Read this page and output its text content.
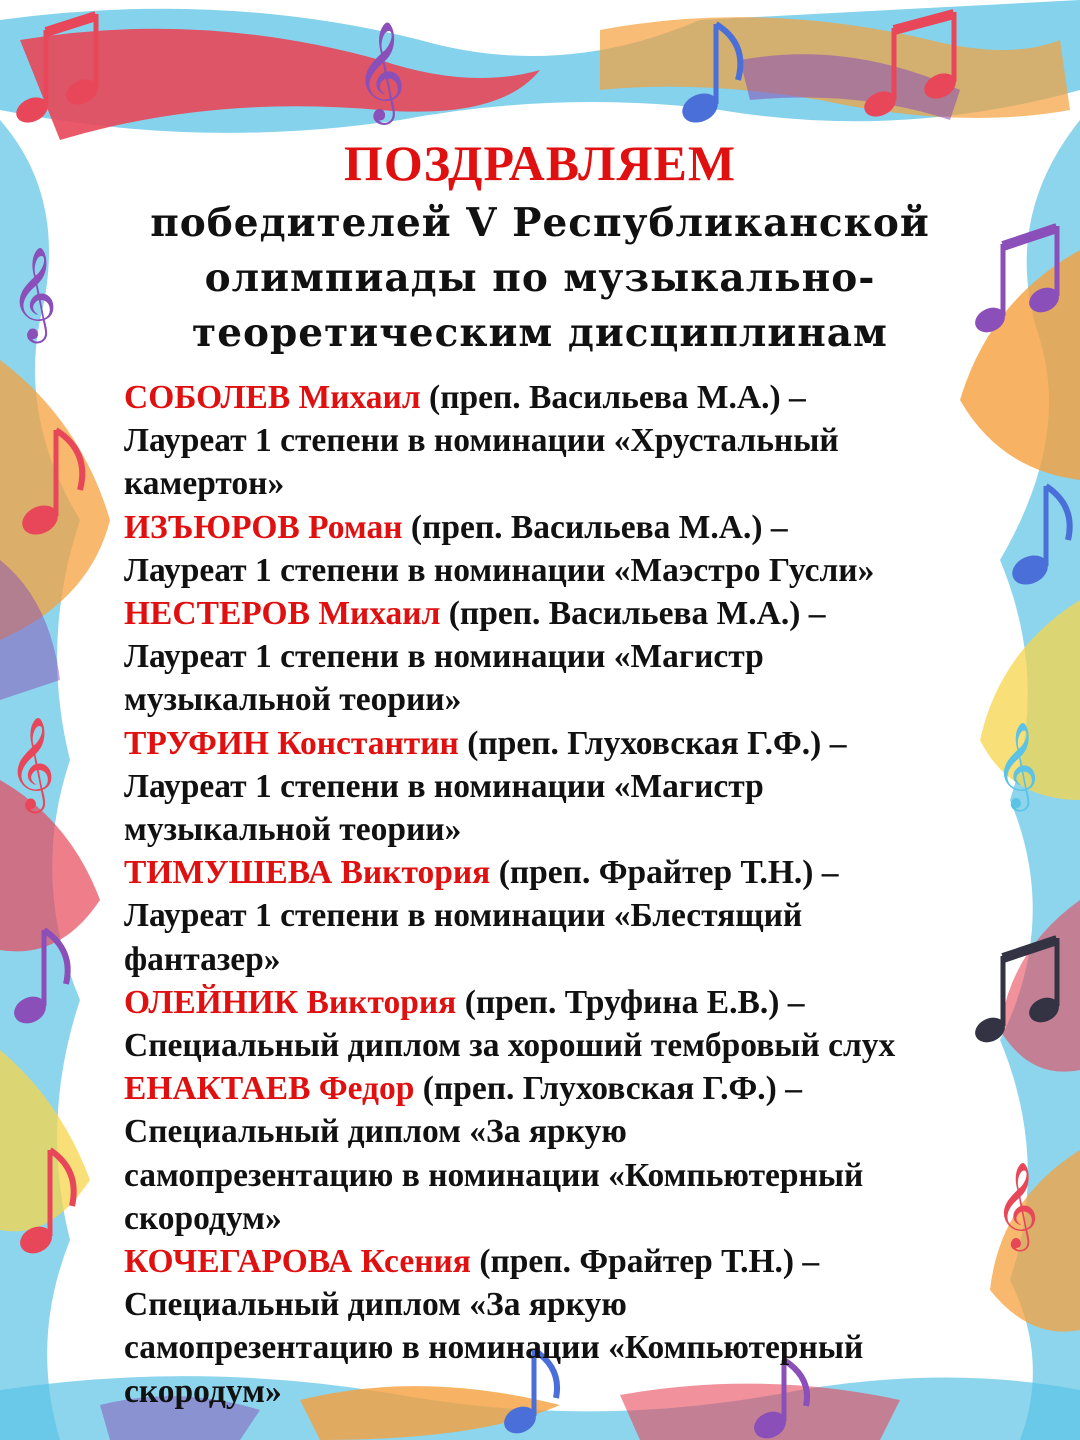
𝄞
𝄞
𝄞	𝄞
𝄞
ПОЗДРАВЛЯЕМ
победителей V Республиканской
олимпиады по музыкально-
теоретическим дисциплинам
СОБОЛЕВ Михаил (преп. Васильева М.А.) –
Лауреат 1 степени в номинации «Хрустальный
камертон»
ИЗЪЮРОВ Роман (преп. Васильева М.А.) –
Лауреат 1 степени в номинации «Маэстро Гусли»
НЕСТЕРОВ Михаил (преп. Васильева М.А.) –
Лауреат 1 степени в номинации «Магистр
музыкальной теории»
ТРУФИН Константин (преп. Глуховская Г.Ф.) –
Лауреат 1 степени в номинации «Магистр
музыкальной теории»
ТИМУШЕВА Виктория (преп. Фрайтер Т.Н.) –
Лауреат 1 степени в номинации «Блестящий
фантазер»
ОЛЕЙНИК Виктория (преп. Труфина Е.В.) –
Специальный диплом за хороший тембровый слух
ЕНАКТАЕВ Федор (преп. Глуховская Г.Ф.) –
Специальный диплом «За яркую
самопрезентацию в номинации «Компьютерный
скородум»
КОЧЕГАРОВА Ксения (преп. Фрайтер Т.Н.) –
Специальный диплом «За яркую
самопрезентацию в номинации «Компьютерный
скородум»
